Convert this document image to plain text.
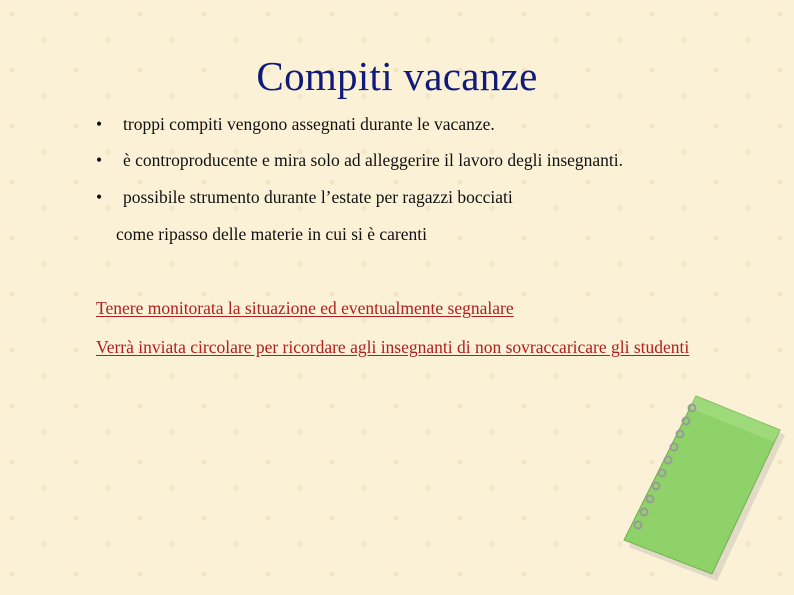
Compiti vacanze
• troppi compiti vengono assegnati durante le vacanze.
• è controproducente e mira solo ad alleggerire il lavoro degli insegnanti.
• possibile strumento durante l’estate per ragazzi bocciati
come ripasso delle materie in cui si è carenti
Tenere monitorata la situazione ed eventualmente segnalare
Verrà inviata circolare per ricordare agli insegnanti di non sovraccaricare gli studenti
